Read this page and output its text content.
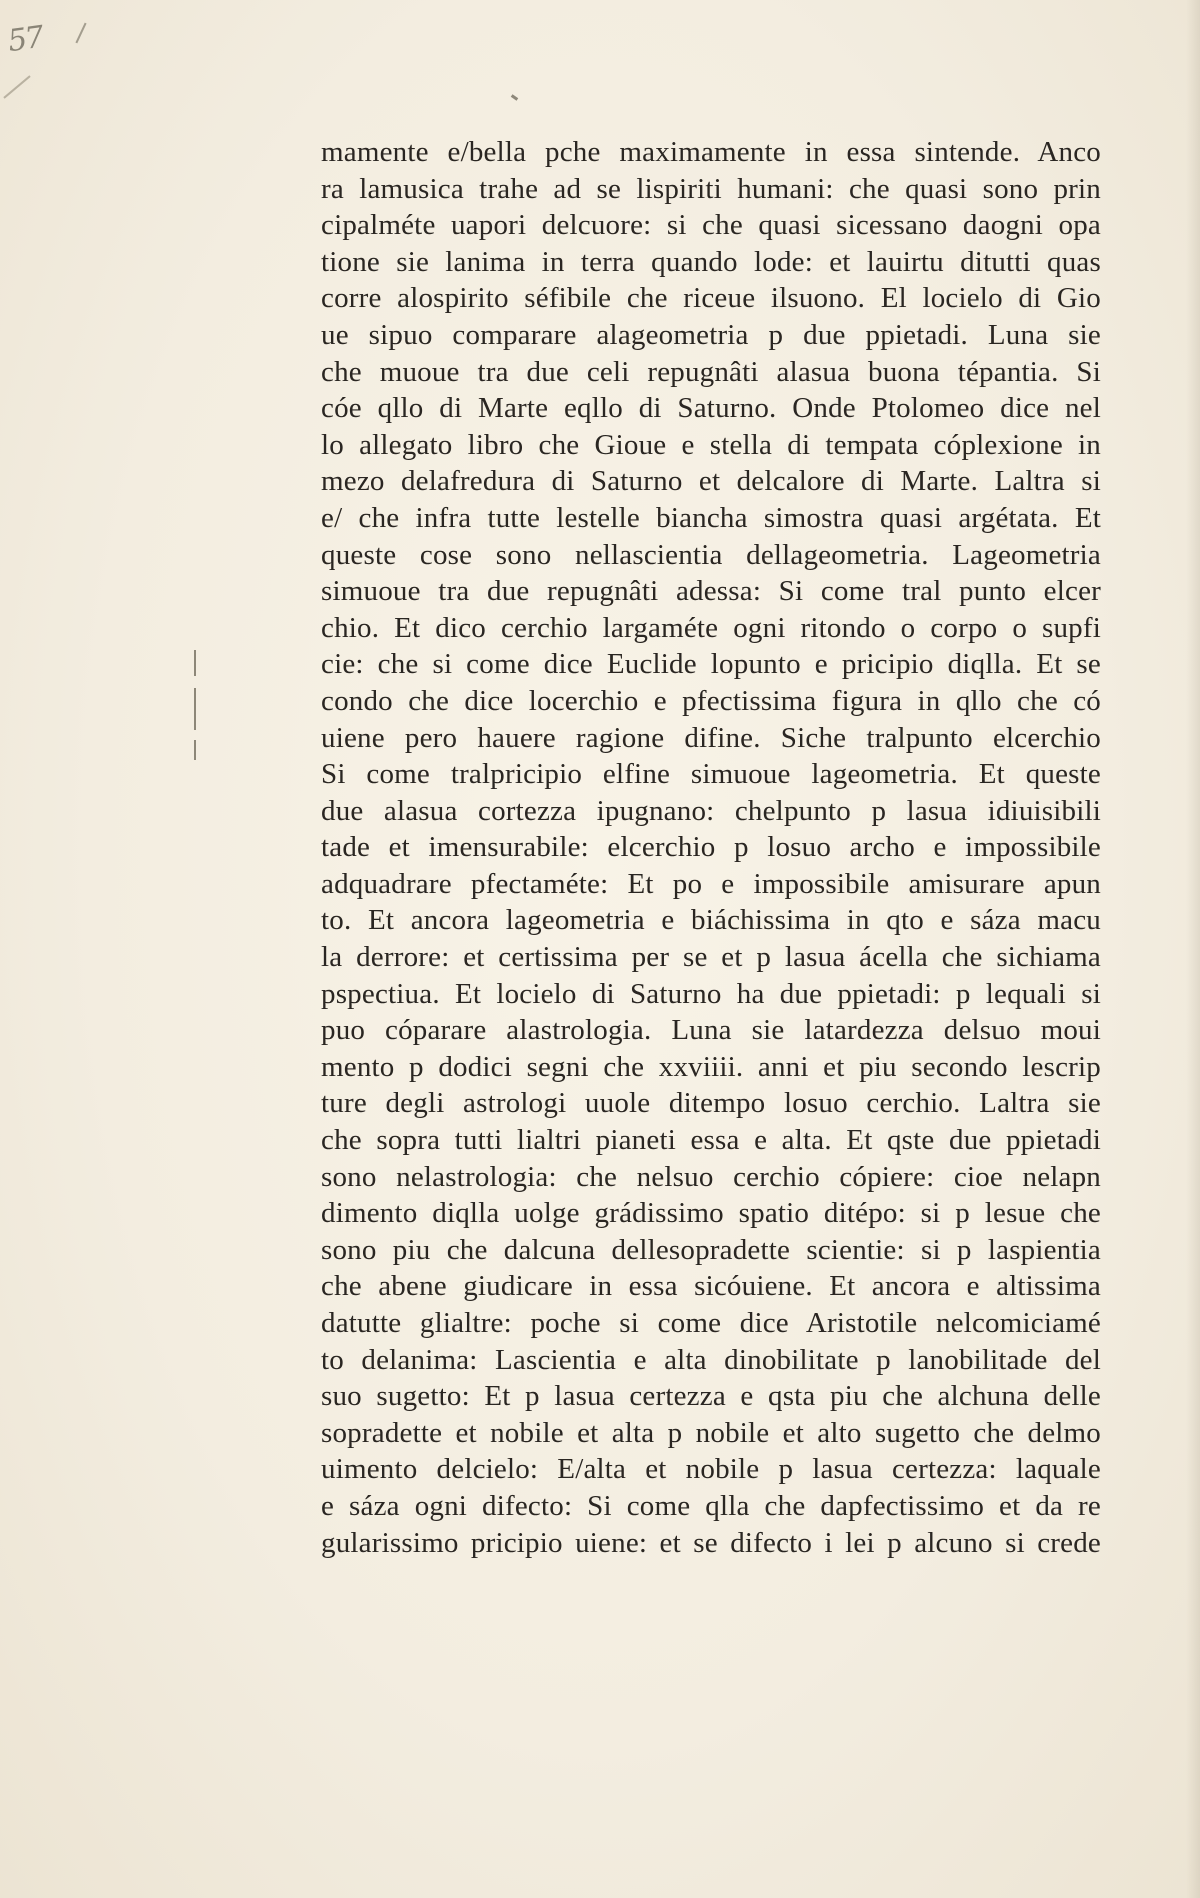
57
mamente e/bella pche maximamente in essa sintende. Anco
ra lamusica trahe ad se lispiriti humani: che quasi sono prin
cipalméte uapori delcuore: si che quasi sicessano daogni opa
tione sie lanima in terra quando lode: et lauirtu ditutti quas
corre alospirito séfibile che riceue ilsuono. El locielo di Gio
ue sipuo comparare alageometria p due ppietadi. Luna sie
che muoue tra due celi repugnâti alasua buona tépantia. Si
cóe qllo di Marte eqllo di Saturno. Onde Ptolomeo dice nel
lo allegato libro che Gioue e stella di tempata cóplexione in
mezo delafredura di Saturno et delcalore di Marte. Laltra si
e/ che infra tutte lestelle biancha simostra quasi argétata. Et
queste cose sono nellascientia dellageometria. Lageometria
simuoue tra due repugnâti adessa: Si come tral punto elcer
chio. Et dico cerchio largaméte ogni ritondo o corpo o supfi
cie: che si come dice Euclide lopunto e pricipio diqlla. Et se
condo che dice locerchio e pfectissima figura in qllo che có
uiene pero hauere ragione difine. Siche tralpunto elcerchio
Si come tralpricipio elfine simuoue lageometria. Et queste
due alasua cortezza ipugnano: chelpunto p lasua idiuisibili
tade et imensurabile: elcerchio p losuo archo e impossibile
adquadrare pfectaméte: Et po e impossibile amisurare apun
to. Et ancora lageometria e biáchissima in qto e sáza macu
la derrore: et certissima per se et p lasua ácella che sichiama
pspectiua. Et locielo di Saturno ha due ppietadi: p lequali si
puo cóparare alastrologia. Luna sie latardezza delsuo moui
mento p dodici segni che xxviiii. anni et piu secondo lescrip
ture degli astrologi uuole ditempo losuo cerchio. Laltra sie
che sopra tutti lialtri pianeti essa e alta. Et qste due ppietadi
sono nelastrologia: che nelsuo cerchio cópiere: cioe nelapn
dimento diqlla uolge grádissimo spatio ditépo: si p lesue che
sono piu che dalcuna dellesopradette scientie: si p laspientia
che abene giudicare in essa sicóuiene. Et ancora e altissima
datutte glialtre: poche si come dice Aristotile nelcomiciamé
to delanima: Lascientia e alta dinobilitate p lanobilitade del
suo sugetto: Et p lasua certezza e qsta piu che alchuna delle
sopradette et nobile et alta p nobile et alto sugetto che delmo
uimento delcielo: E/alta et nobile p lasua certezza: laquale
e sáza ogni difecto: Si come qlla che dapfectissimo et da re
gularissimo pricipio uiene: et se difecto i lei p alcuno si crede
